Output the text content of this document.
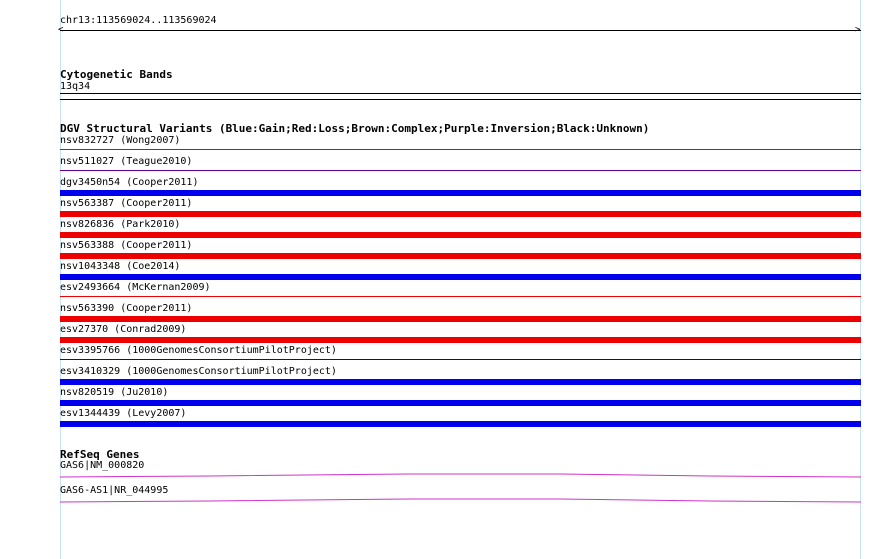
chr13:113569024..113569024
<	>
Cytogenetic Bands
13q34
DGV Structural Variants (Blue:Gain;Red:Loss;Brown:Complex;Purple:Inversion;Black:Unknown)
nsv832727 (Wong2007)
nsv511027 (Teague2010)
dgv3450n54 (Cooper2011)
nsv563387 (Cooper2011)
nsv826836 (Park2010)
nsv563388 (Cooper2011)
nsv1043348 (Coe2014)
esv2493664 (McKernan2009)
nsv563390 (Cooper2011)
esv27370 (Conrad2009)
esv3395766 (1000GenomesConsortiumPilotProject)
esv3410329 (1000GenomesConsortiumPilotProject)
nsv820519 (Ju2010)
esv1344439 (Levy2007)
RefSeq Genes
GAS6|NM_000820
GAS6-AS1|NR_044995
